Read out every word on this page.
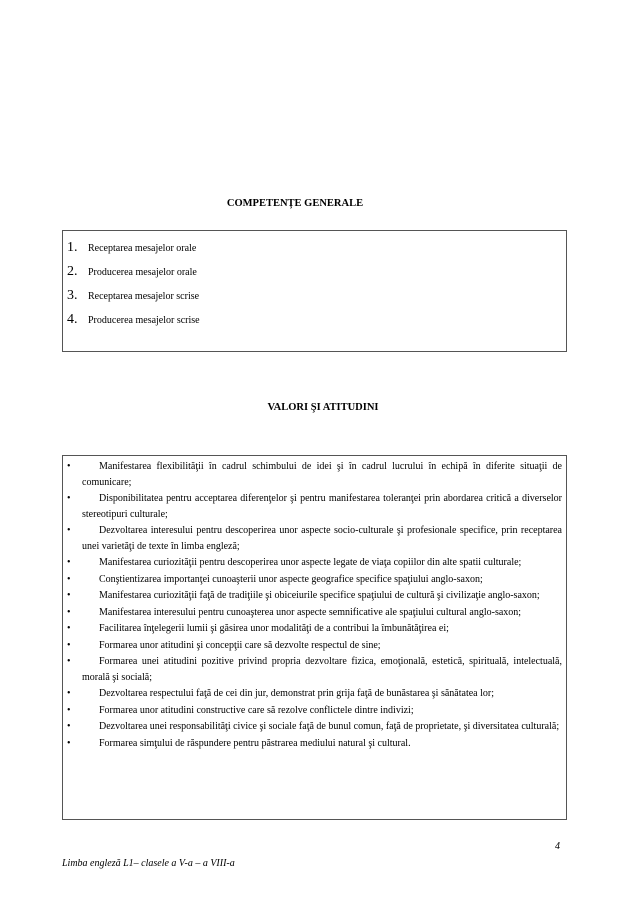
COMPETENȚE GENERALE
1. Receptarea mesajelor orale
2. Producerea mesajelor orale
3. Receptarea mesajelor scrise
4. Producerea mesajelor scrise
VALORI ŞI ATITUDINI
•	Manifestarea flexibilităţii în cadrul schimbului de idei şi în cadrul lucrului în echipă în diferite situaţii de comunicare;
•	Disponibilitatea pentru acceptarea diferenţelor şi pentru manifestarea toleranţei prin abordarea critică a diverselor stereotipuri culturale;
•	Dezvoltarea interesului pentru descoperirea unor aspecte socio-culturale şi profesionale specifice, prin receptarea unei varietăţi de texte în limba engleză;
•	Manifestarea curiozităţii pentru descoperirea unor aspecte legate de viaţa copiilor din alte spatii culturale;
•	Conştientizarea importanţei cunoaşterii unor aspecte geografice specifice spaţiului anglo-saxon;
•	Manifestarea curiozităţii faţă de tradiţiile şi obiceiurile specifice spaţiului de cultură şi civilizaţie anglo-saxon;
•	Manifestarea interesului pentru cunoaşterea unor aspecte semnificative ale spaţiului cultural anglo-saxon;
•	Facilitarea înţelegerii lumii şi găsirea unor modalităţi de a contribui la îmbunătăţirea ei;
•	Formarea unor atitudini şi concepţii care să dezvolte respectul de sine;
•	Formarea unei atitudini pozitive privind propria dezvoltare fizica, emoţională, estetică, spirituală, intelectuală, morală şi socială;
•	Dezvoltarea respectului faţă de cei din jur, demonstrat prin grija faţă de bunăstarea şi sănătatea lor;
•	Formarea unor atitudini constructive care să rezolve conflictele dintre indivizi;
•	Dezvoltarea unei responsabilităţi civice şi sociale faţă de bunul comun, faţă de proprietate, şi diversitatea culturală;
•	Formarea simţului de răspundere pentru păstrarea mediului natural şi cultural.
4
Limba engleză L1– clasele a V-a – a VIII-a
